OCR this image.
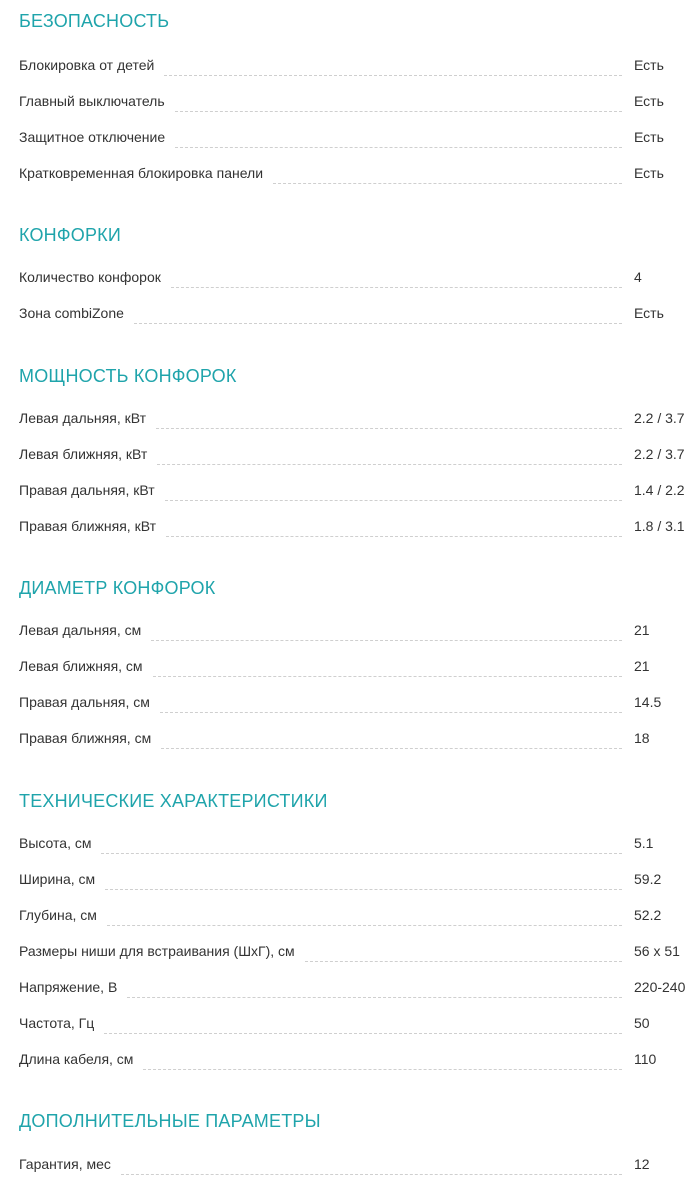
БЕЗОПАСНОСТЬ
Блокировка от детей	Есть
Главный выключатель	Есть
Защитное отключение	Есть
Кратковременная блокировка панели	Есть
КОНФОРКИ
Количество конфорок	4
Зона combiZone	Есть
МОЩНОСТЬ КОНФОРОК
Левая дальняя, кВт	2.2 / 3.7
Левая ближняя, кВт	2.2 / 3.7
Правая дальняя, кВт	1.4 / 2.2
Правая ближняя, кВт	1.8 / 3.1
ДИАМЕТР КОНФОРОК
Левая дальняя, см	21
Левая ближняя, см	21
Правая дальняя, см	14.5
Правая ближняя, см	18
ТЕХНИЧЕСКИЕ ХАРАКТЕРИСТИКИ
Высота, см	5.1
Ширина, см	59.2
Глубина, см	52.2
Размеры ниши для встраивания (ШхГ), см	56 x 51
Напряжение, В	220-240
Частота, Гц	50
Длина кабеля, см	110
ДОПОЛНИТЕЛЬНЫЕ ПАРАМЕТРЫ
Гарантия, мес	12
